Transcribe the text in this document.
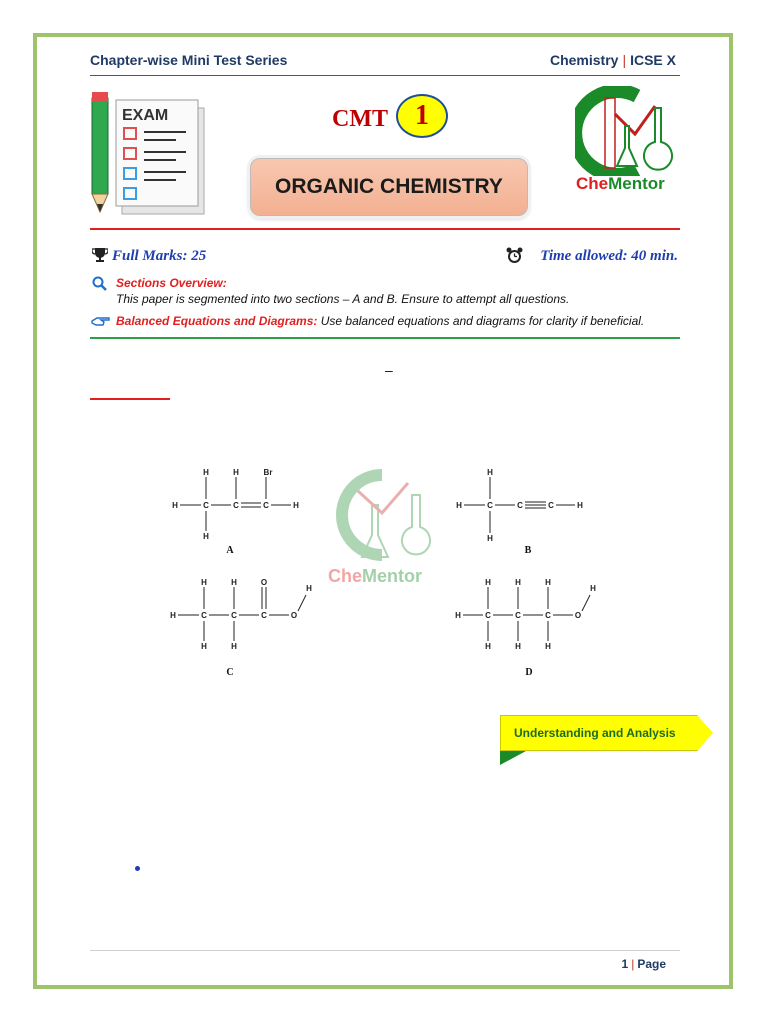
Chapter-wise Mini Test Series	Chemistry | ICSE X
EXAM	CMT 1
ORGANIC CHEMISTRY	CheMentor
Full Marks: 25	Time allowed: 40 min.
Sections Overview:
This paper is segmented into two sections – A and B. Ensure to attempt all questions.
Balanced Equations and Diagrams: Use balanced equations and diagrams for clarity if beneficial.
–
CheMentor
H	C	C	C	H
H	H	Br
H
H	C	C	C	H
H
H
H	C	C	C	O
H
H	H	O
H	H
H	C	C	C	O
H
H	H	H
H	H	H
A	B
C	D
Understanding and Analysis
1 | Page
